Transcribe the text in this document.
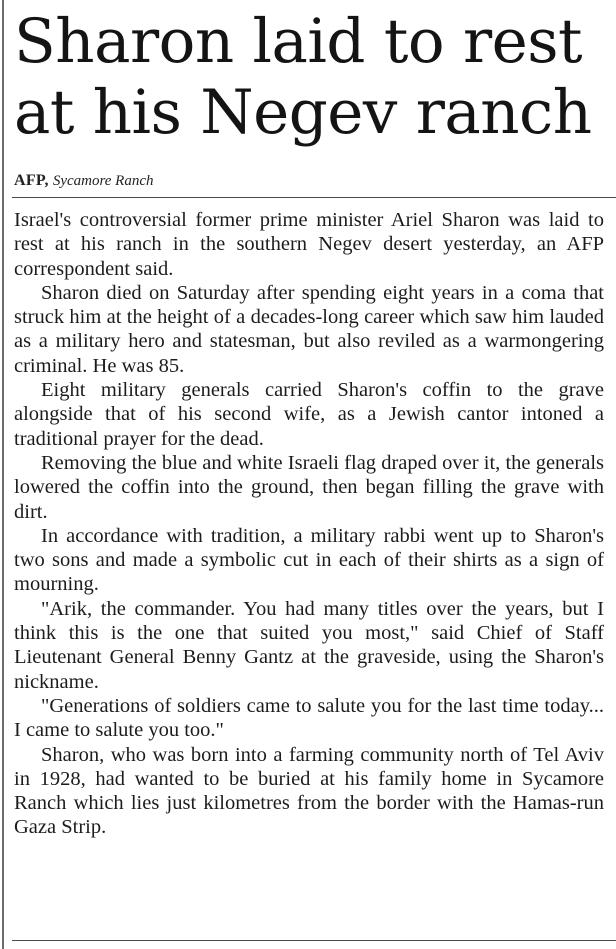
Sharon laid to rest at his Negev ranch
AFP, Sycamore Ranch

Israel's controversial former prime minister Ariel Sharon was laid to rest at his ranch in the southern Negev desert yesterday, an AFP correspondent said.

Sharon died on Saturday after spending eight years in a coma that struck him at the height of a decades-long career which saw him lauded as a military hero and statesman, but also reviled as a warmongering criminal. He was 85.

Eight military generals carried Sharon's coffin to the grave alongside that of his second wife, as a Jewish cantor intoned a traditional prayer for the dead.

Removing the blue and white Israeli flag draped over it, the generals lowered the coffin into the ground, then began filling the grave with dirt.

In accordance with tradition, a military rabbi went up to Sharon's two sons and made a symbolic cut in each of their shirts as a sign of mourning.

"Arik, the commander. You had many titles over the years, but I think this is the one that suited you most," said Chief of Staff Lieutenant General Benny Gantz at the graveside, using the Sharon's nickname.

"Generations of soldiers came to salute you for the last time today... I came to salute you too."

Sharon, who was born into a farming community north of Tel Aviv in 1928, had wanted to be buried at his family home in Sycamore Ranch which lies just kilometres from the border with the Hamas-run Gaza Strip.
